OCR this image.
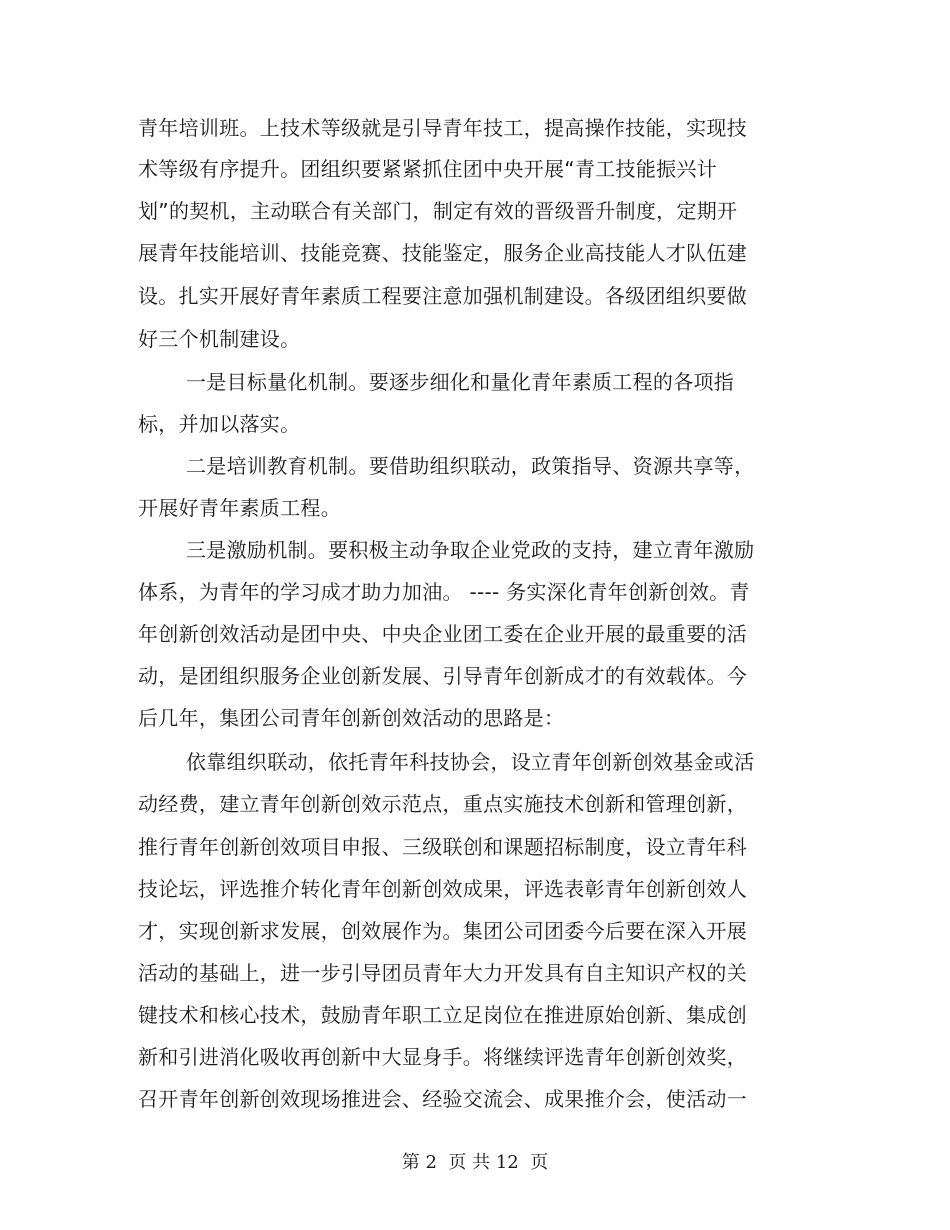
青年培训班。上技术等级就是引导青年技工，提高操作技能，实现技
术等级有序提升。团组织要紧紧抓住团中央开展“青工技能振兴计
划”的契机，主动联合有关部门，制定有效的晋级晋升制度，定期开
展青年技能培训、技能竞赛、技能鉴定，服务企业高技能人才队伍建
设。扎实开展好青年素质工程要注意加强机制建设。各级团组织要做
好三个机制建设。
一是目标量化机制。要逐步细化和量化青年素质工程的各项指
标，并加以落实。
二是培训教育机制。要借助组织联动，政策指导、资源共享等，
开展好青年素质工程。
三是激励机制。要积极主动争取企业党政的支持，建立青年激励
体系，为青年的学习成才助力加油。 ---- 务实深化青年创新创效。青
年创新创效活动是团中央、中央企业团工委在企业开展的最重要的活
动，是团组织服务企业创新发展、引导青年创新成才的有效载体。今
后几年，集团公司青年创新创效活动的思路是：
依靠组织联动，依托青年科技协会，设立青年创新创效基金或活
动经费，建立青年创新创效示范点，重点实施技术创新和管理创新，
推行青年创新创效项目申报、三级联创和课题招标制度，设立青年科
技论坛，评选推介转化青年创新创效成果，评选表彰青年创新创效人
才，实现创新求发展，创效展作为。集团公司团委今后要在深入开展
活动的基础上，进一步引导团员青年大力开发具有自主知识产权的关
键技术和核心技术，鼓励青年职工立足岗位在推进原始创新、集成创
新和引进消化吸收再创新中大显身手。将继续评选青年创新创效奖，
召开青年创新创效现场推进会、经验交流会、成果推介会，使活动一
第 2  页 共 12  页
